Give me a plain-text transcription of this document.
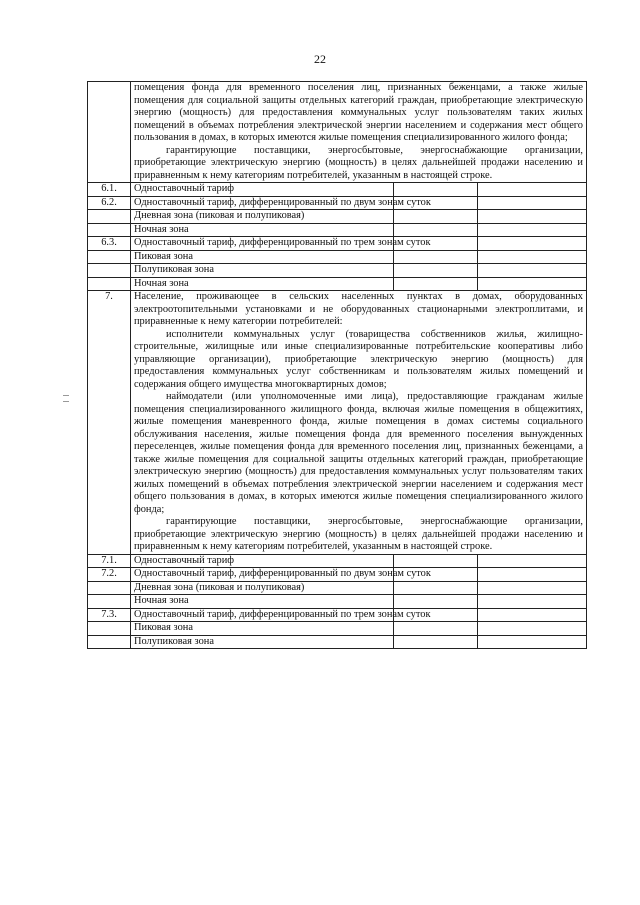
22

	помещения фонда для временного поселения лиц, признанных беженцами, а также жилые помещения для социальной защиты отдельных категорий граждан, приобретающие электрическую энергию (мощность) для предоставления коммунальных услуг пользователям таких жилых помещений в объемах потребления электрической энергии населением и содержания мест общего пользования в домах, в которых имеются жилые помещения специализированного жилого фонда;

гарантирующие поставщики, энергосбытовые, энергоснабжающие организации, приобретающие электрическую энергию (мощность) в целях дальнейшей продажи населению и приравненным к нему категориям потребителей, указанным в настоящей строке.		

6.1.	Одноставочный тариф		
6.2.	Одноставочный тариф, дифференцированный по двум зонам суток		
	Дневная зона (пиковая и полупиковая)		
	Ночная зона		
6.3.	Одноставочный тариф, дифференцированный по трем зонам суток		
	Пиковая зона		
	Полупиковая зона		
	Ночная зона		
7.	Население, проживающее в сельских населенных пунктах в домах, оборудованных электроотопительными установками и не оборудованных стационарными электроплитами, и приравненные к нему категории потребителей:

исполнители коммунальных услуг (товарищества собственников жилья, жилищно-строительные, жилищные или иные специализированные потребительские кооперативы либо управляющие организации), приобретающие электрическую энергию (мощность) для предоставления коммунальных услуг собственникам и пользователям жилых помещений и содержания общего имущества многоквартирных домов;

наймодатели (или уполномоченные ими лица), предоставляющие гражданам жилые помещения специализированного жилищного фонда, включая жилые помещения в общежитиях, жилые помещения маневренного фонда, жилые помещения в домах системы социального обслуживания населения, жилые помещения фонда для временного поселения вынужденных переселенцев, жилые помещения фонда для временного поселения лиц, признанных беженцами, а также жилые помещения для социальной защиты отдельных категорий граждан, приобретающие электрическую энергию (мощность) для предоставления коммунальных услуг пользователям таких жилых помещений в объемах потребления электрической энергии населением и содержания мест общего пользования в домах, в которых имеются жилые помещения специализированного жилого фонда;

гарантирующие поставщики, энергосбытовые, энергоснабжающие организации, приобретающие электрическую энергию (мощность) в целях дальнейшей продажи населению и приравненным к нему категориям потребителей, указанным в настоящей строке.		

7.1.	Одноставочный тариф		
7.2.	Одноставочный тариф, дифференцированный по двум зонам суток		
	Дневная зона (пиковая и полупиковая)		
	Ночная зона		
7.3.	Одноставочный тариф, дифференцированный по трем зонам суток		
	Пиковая зона		
	Полупиковая зона		
